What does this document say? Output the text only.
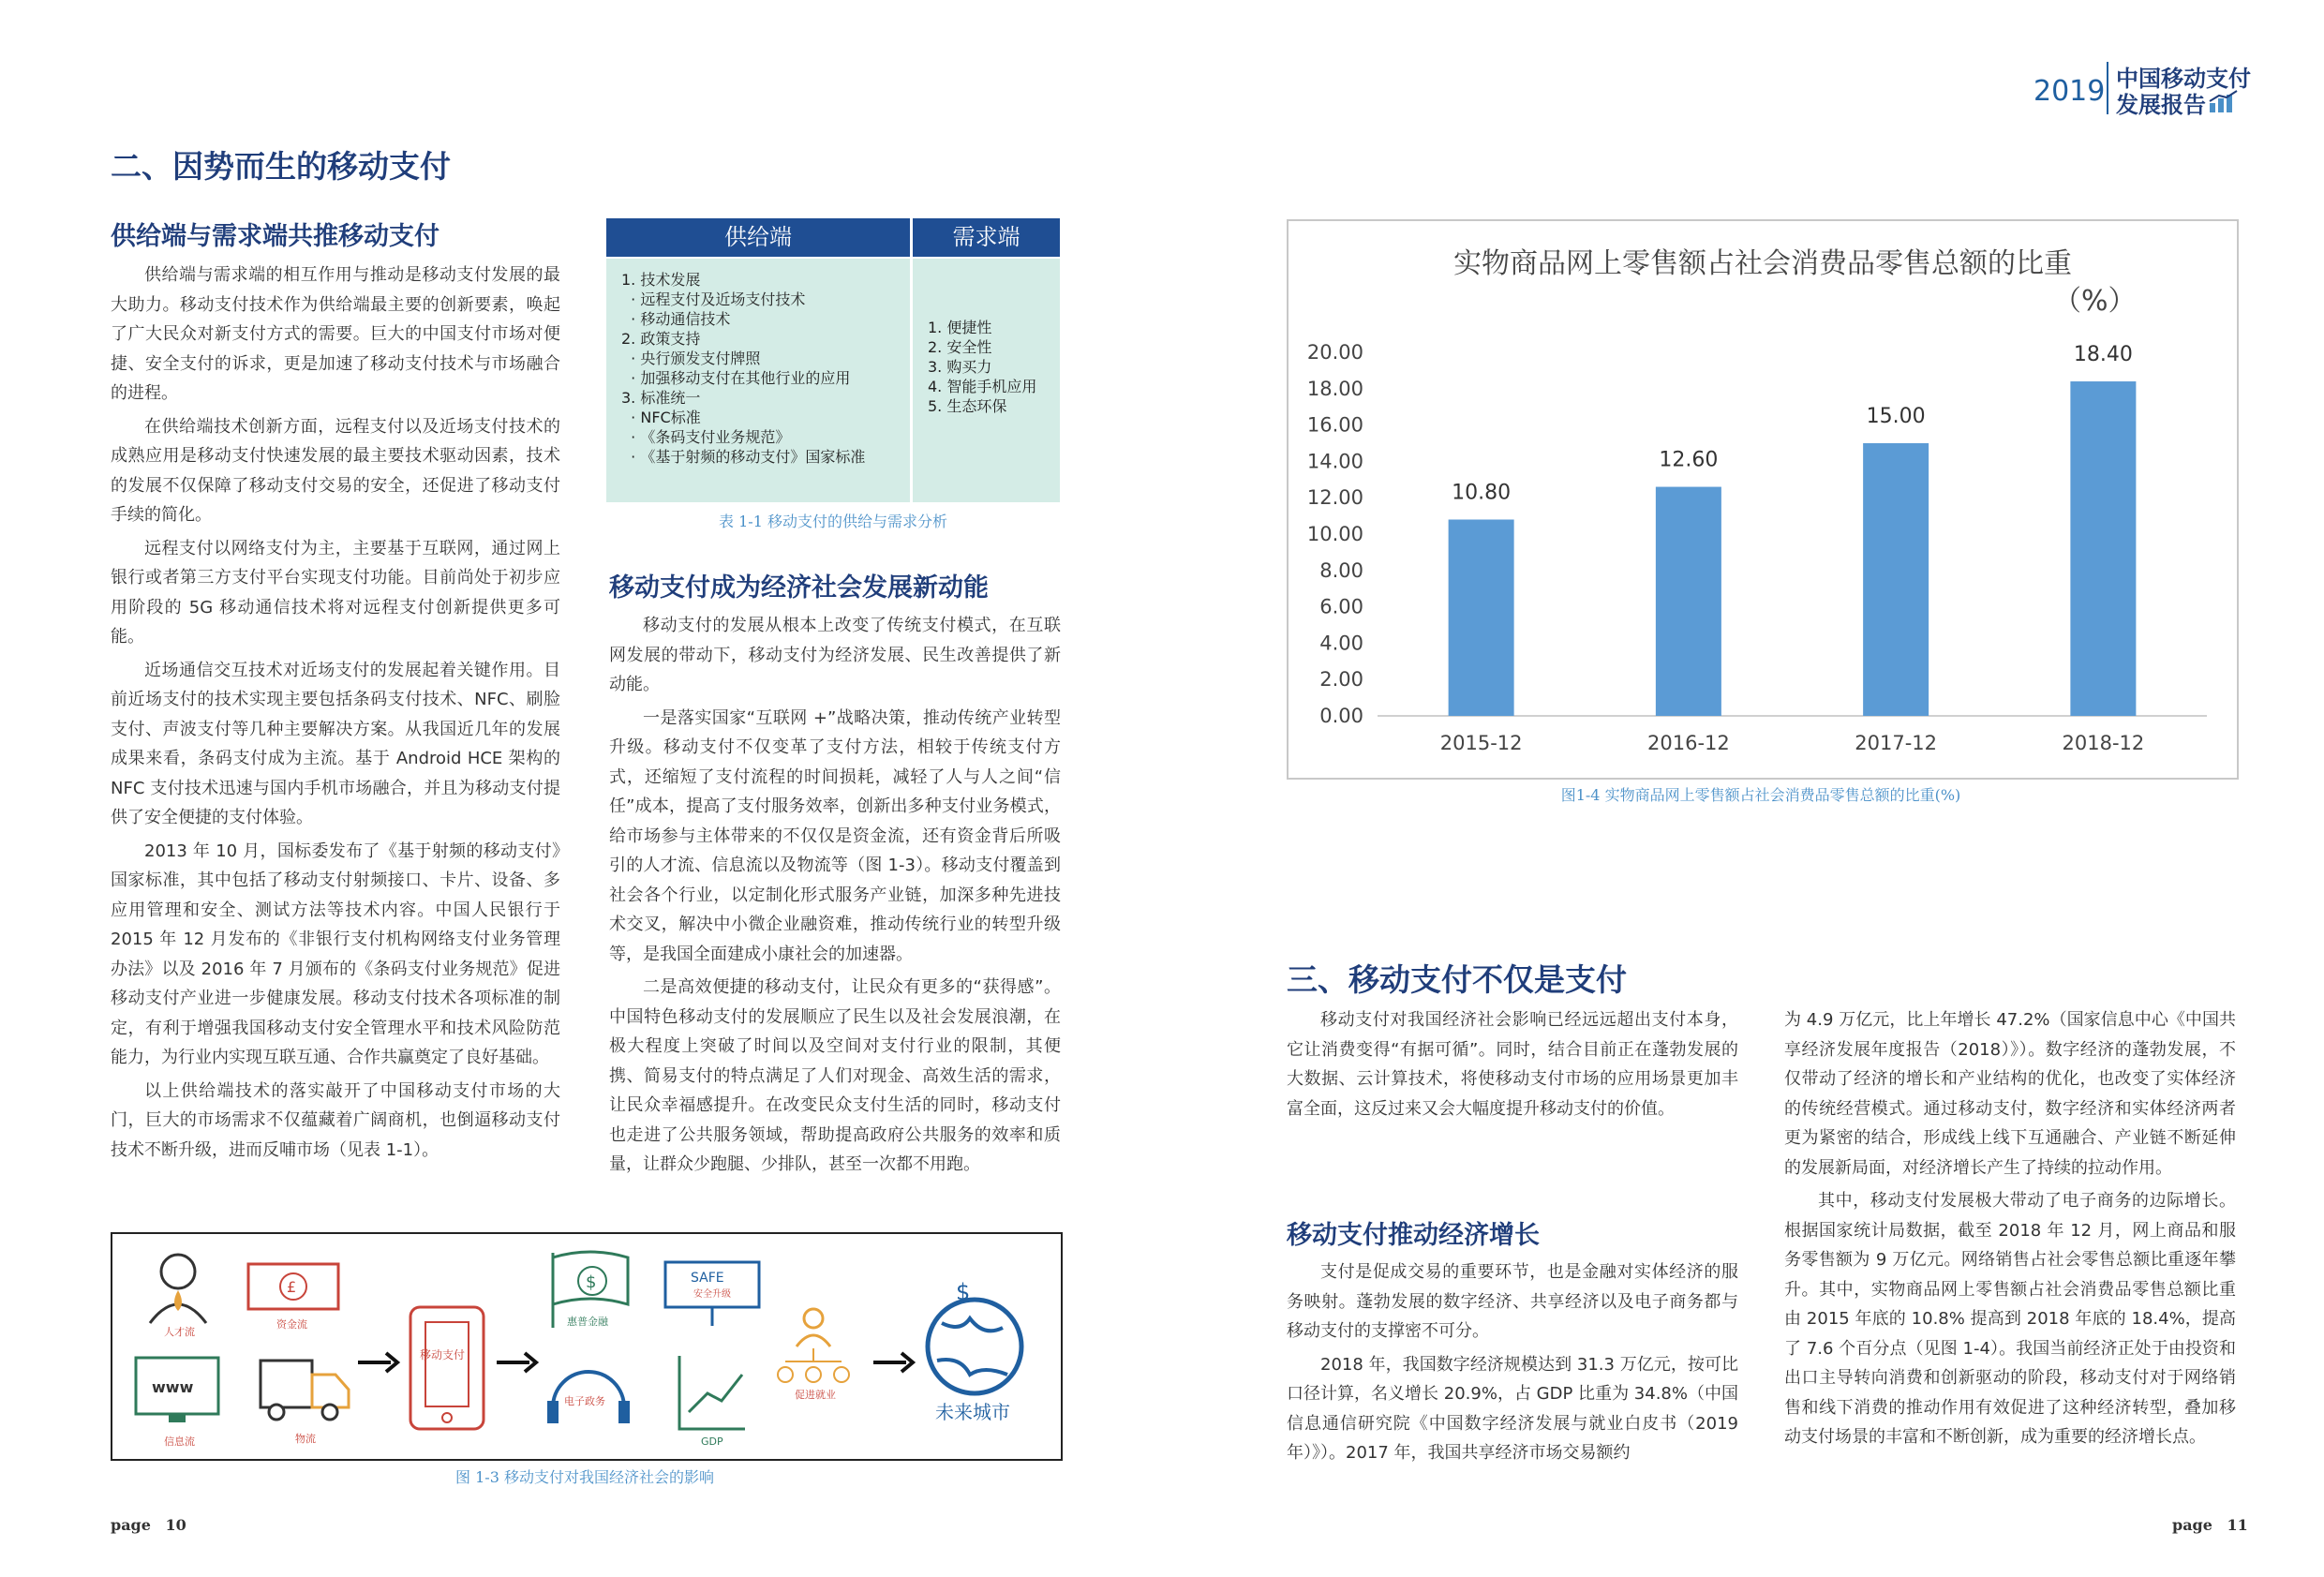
2019 中国移动支付
发展报告
二、因势而生的移动支付
供给端与需求端共推移动支付

供给端与需求端的相互作用与推动是移动支付发展的最大助力。移动支付技术作为供给端最主要的创新要素，唤起了广大民众对新支付方式的需要。巨大的中国支付市场对便捷、安全支付的诉求，更是加速了移动支付技术与市场融合的进程。

在供给端技术创新方面，远程支付以及近场支付技术的成熟应用是移动支付快速发展的最主要技术驱动因素，技术的发展不仅保障了移动支付交易的安全，还促进了移动支付手续的简化。

远程支付以网络支付为主，主要基于互联网，通过网上银行或者第三方支付平台实现支付功能。目前尚处于初步应用阶段的 5G 移动通信技术将对远程支付创新提供更多可能。

近场通信交互技术对近场支付的发展起着关键作用。目前近场支付的技术实现主要包括条码支付技术、NFC、刷脸支付、声波支付等几种主要解决方案。从我国近几年的发展成果来看，条码支付成为主流。基于 Android HCE 架构的 NFC 支付技术迅速与国内手机市场融合，并且为移动支付提供了安全便捷的支付体验。

2013 年 10 月，国标委发布了《基于射频的移动支付》国家标准，其中包括了移动支付射频接口、卡片、设备、多应用管理和安全、测试方法等技术内容。中国人民银行于 2015 年 12 月发布的《非银行支付机构网络支付业务管理办法》以及 2016 年 7 月颁布的《条码支付业务规范》促进移动支付产业进一步健康发展。移动支付技术各项标准的制定，有利于增强我国移动支付安全管理水平和技术风险防范能力，为行业内实现互联互通、合作共赢奠定了良好基础。

以上供给端技术的落实敲开了中国移动支付市场的大门，巨大的市场需求不仅蕴藏着广阔商机，也倒逼移动支付技术不断升级，进而反哺市场（见表 1-1）。

供给端	需求端
1. 技术发展
· 远程支付及近场支付技术
· 移动通信技术
2. 政策支持
· 央行颁发支付牌照
· 加强移动支付在其他行业的应用
3. 标准统一
· NFC标准
· 《条码支付业务规范》
· 《基于射频的移动支付》国家标准
1. 便捷性
2. 安全性
3. 购买力
4. 智能手机应用
5. 生态环保
表 1-1 移动支付的供给与需求分析
移动支付成为经济社会发展新动能

移动支付的发展从根本上改变了传统支付模式，在互联网发展的带动下，移动支付为经济发展、民生改善提供了新动能。

一是落实国家“互联网 +”战略决策，推动传统产业转型升级。移动支付不仅变革了支付方法，相较于传统支付方式，还缩短了支付流程的时间损耗，减轻了人与人之间“信任”成本，提高了支付服务效率，创新出多种支付业务模式，给市场参与主体带来的不仅仅是资金流，还有资金背后所吸引的人才流、信息流以及物流等（图 1-3）。移动支付覆盖到社会各个行业，以定制化形式服务产业链，加深多种先进技术交叉，解决中小微企业融资难，推动传统行业的转型升级等，是我国全面建成小康社会的加速器。

二是高效便捷的移动支付，让民众有更多的“获得感”。中国特色移动支付的发展顺应了民生以及社会发展浪潮，在极大程度上突破了时间以及空间对支付行业的限制，其便携、简易支付的特点满足了人们对现金、高效生活的需求，让民众幸福感提升。在改变民众支付生活的同时，移动支付也走进了公共服务领域，帮助提高政府公共服务的效率和质量，让群众少跑腿、少排队，甚至一次都不用跑。

人才流
£
资金流
www
信息流	物流
移动支付
$
惠普金融
电子政务
SAFE
安全升级
GDP
促进就业
$
未来城市
图 1-3 移动支付对我国经济社会的影响
page 10
实物商品网上零售额占社会消费品零售总额的比重
（%）
0.00
2.00
4.00
6.00
8.00
10.00
12.00
14.00
16.00
18.00
20.00
10.80
2015-12
12.60
2016-12
15.00
2017-12
18.40
2018-12
图1-4 实物商品网上零售额占社会消费品零售总额的比重(%)
三、移动支付不仅是支付

移动支付对我国经济社会影响已经远远超出支付本身，它让消费变得“有据可循”。同时，结合目前正在蓬勃发展的大数据、云计算技术，将使移动支付市场的应用场景更加丰富全面，这反过来又会大幅度提升移动支付的价值。

移动支付推动经济增长

支付是促成交易的重要环节，也是金融对实体经济的服务映射。蓬勃发展的数字经济、共享经济以及电子商务都与移动支付的支撑密不可分。

2018 年，我国数字经济规模达到 31.3 万亿元，按可比口径计算，名义增长 20.9%，占 GDP 比重为 34.8%（中国信息通信研究院《中国数字经济发展与就业白皮书（2019 年）》）。2017 年，我国共享经济市场交易额约

为 4.9 万亿元，比上年增长 47.2%（国家信息中心《中国共享经济发展年度报告（2018）》）。数字经济的蓬勃发展，不仅带动了经济的增长和产业结构的优化，也改变了实体经济的传统经营模式。通过移动支付，数字经济和实体经济两者更为紧密的结合，形成线上线下互通融合、产业链不断延伸的发展新局面，对经济增长产生了持续的拉动作用。

其中，移动支付发展极大带动了电子商务的边际增长。根据国家统计局数据，截至 2018 年 12 月，网上商品和服务零售额为 9 万亿元。网络销售占社会零售总额比重逐年攀升。其中，实物商品网上零售额占社会消费品零售总额比重由 2015 年底的 10.8% 提高到 2018 年底的 18.4%，提高了 7.6 个百分点（见图 1-4）。我国当前经济正处于由投资和出口主导转向消费和创新驱动的阶段，移动支付对于网络销售和线下消费的推动作用有效促进了这种经济转型，叠加移动支付场景的丰富和不断创新，成为重要的经济增长点。

page 11
